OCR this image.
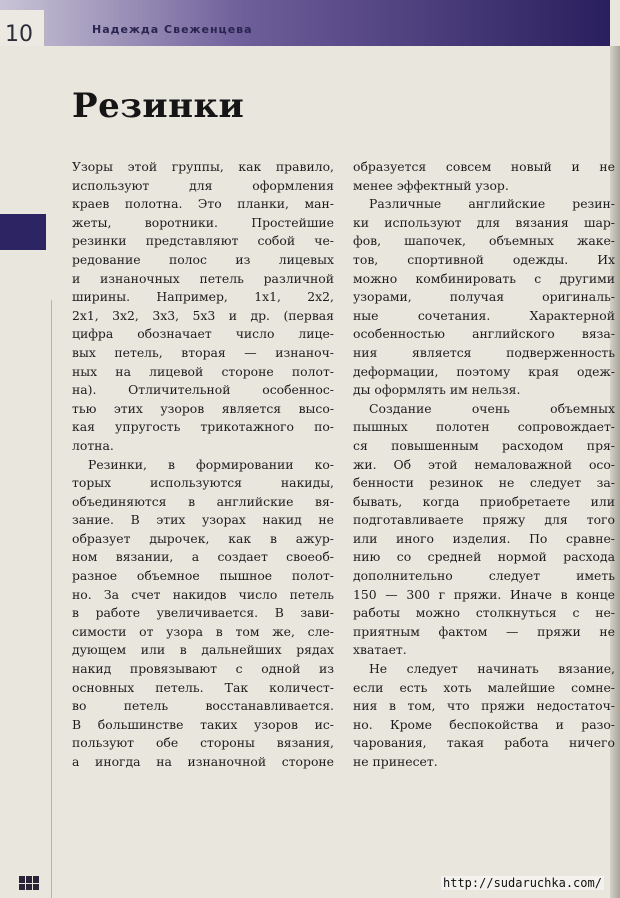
10	Надежда Свеженцева
Резинки
Узоры этой группы, как правило,
используют для оформления
краев полотна. Это планки, ман-
жеты, воротники. Простейшие
резинки представляют собой че-
редование полос из лицевых
и изнаночных петель различной
ширины. Например, 1х1, 2х2,
2х1, 3х2, 3х3, 5х3 и др. (первая
цифра обозначает число лице-
вых петель, вторая — изнаноч-
ных на лицевой стороне полот-
на). Отличительной особеннос-
тью этих узоров является высо-
кая упругость трикотажного по-
лотна.
Резинки, в формировании ко-
торых используются накиды,
объединяются в английские вя-
зание. В этих узорах накид не
образует дырочек, как в ажур-
ном вязании, а создает своеоб-
разное объемное пышное полот-
но. За счет накидов число петель
в работе увеличивается. В зави-
симости от узора в том же, сле-
дующем или в дальнейших рядах
накид провязывают с одной из
основных петель. Так количест-
во петель восстанавливается.
В большинстве таких узоров ис-
пользуют обе стороны вязания,
а иногда на изнаночной стороне
образуется совсем новый и не
менее эффектный узор.
Различные английские резин-
ки используют для вязания шар-
фов, шапочек, объемных жаке-
тов, спортивной одежды. Их
можно комбинировать с другими
узорами, получая оригиналь-
ные сочетания. Характерной
особенностью английского вяза-
ния является подверженность
деформации, поэтому края одеж-
ды оформлять им нельзя.
Создание очень объемных
пышных полотен сопровождает-
ся повышенным расходом пря-
жи. Об этой немаловажной осо-
бенности резинок не следует за-
бывать, когда приобретаете или
подготавливаете пряжу для того
или иного изделия. По сравне-
нию со средней нормой расхода
дополнительно следует иметь
150 — 300 г пряжи. Иначе в конце
работы можно столкнуться с не-
приятным фактом — пряжи не
хватает.
Не следует начинать вязание,
если есть хоть малейшие сомне-
ния в том, что пряжи недостаточ-
но. Кроме беспокойства и разо-
чарования, такая работа ничего
не принесет.
http://sudaruchka.com/
